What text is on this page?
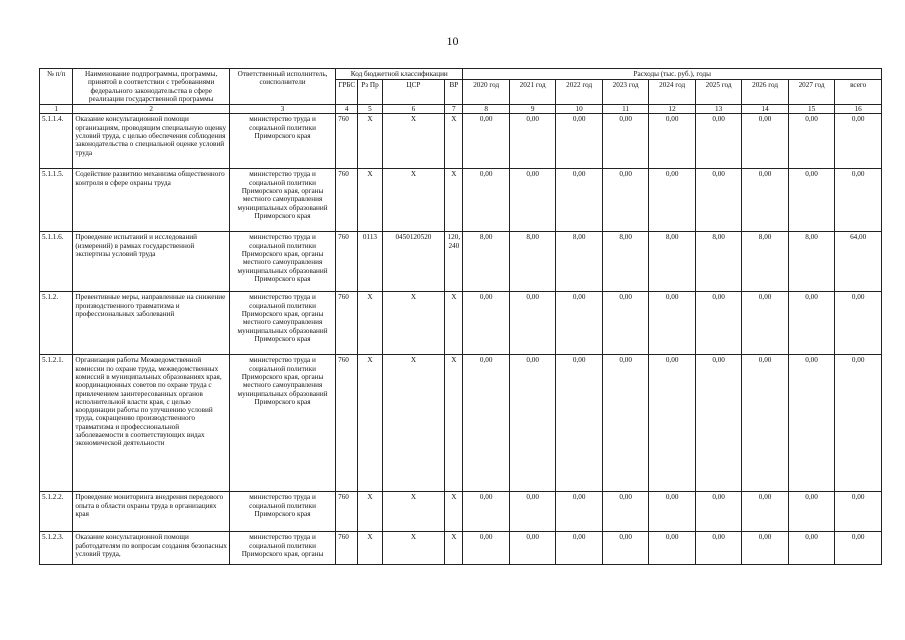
10
№ п/п	Наименование подпрограммы, программы, принятой в соответствии с требованиями федерального законодательства в сфере реализации государственной программы	Ответственный исполнитель, соисполнители	Код бюджетной классификации				Расходы (тыс. руб.), годы								
			ГРБС	Рз Пр	ЦСР	ВР	2020 год	2021 год	2022 год	2023 год	2024 год	2025 год	2026 год	2027 год	всего
1	2	3	4	5	6	7	8	9	10	11	12	13	14	15	16
5.1.1.4.	Оказание консультационной помощи организациям, проводящим специальную оценку условий труда, с целью обеспечения соблюдения законодательства о специальной оценке условий труда	министерство труда и социальной политики Приморского края	760	Х	Х	Х	0,00	0,00	0,00	0,00	0,00	0,00	0,00	0,00	0,00
5.1.1.5.	Содействие развитию механизма общественного контроля в сфере охраны труда	министерство труда и социальной политики Приморского края, органы местного самоуправления муниципальных образований Приморского края	760	Х	Х	Х	0,00	0,00	0,00	0,00	0,00	0,00	0,00	0,00	0,00
5.1.1.6.	Проведение испытаний и исследований (измерений) в рамках государственной экспертизы условий труда	министерство труда и социальной политики Приморского края, органы местного самоуправления муниципальных образований Приморского края	760	0113	0450120520	120, 240	8,00	8,00	8,00	8,00	8,00	8,00	8,00	8,00	64,00
5.1.2.	Превентивные меры, направленные на снижение производственного травматизма и профессиональных заболеваний	министерство труда и социальной политики Приморского края, органы местного самоуправления муниципальных образований Приморского края	760	Х	Х	Х	0,00	0,00	0,00	0,00	0,00	0,00	0,00	0,00	0,00
5.1.2.1.	Организация работы Межведомственной комиссии по охране труда, межведомственных комиссий в муниципальных образованиях края, координационных советов по охране труда с привлечением заинтересованных органов исполнительной власти края, с целью координации работы по улучшению условий труда, сокращению производственного травматизма и профессиональной заболеваемости в соответствующих видах экономической деятельности	министерство труда и социальной политики Приморского края, органы местного самоуправления муниципальных образований Приморского края	760	Х	Х	Х	0,00	0,00	0,00	0,00	0,00	0,00	0,00	0,00	0,00
5.1.2.2.	Проведение мониторинга внедрения передового опыта в области охраны труда в организациях края	министерство труда и социальной политики Приморского края	760	Х	Х	Х	0,00	0,00	0,00	0,00	0,00	0,00	0,00	0,00	0,00
5.1.2.3.	Оказание консультационной помощи работодателям по вопросам создания безопасных условий труда,	министерство труда и социальной политики Приморского края, органы	760	Х	Х	Х	0,00	0,00	0,00	0,00	0,00	0,00	0,00	0,00	0,00
